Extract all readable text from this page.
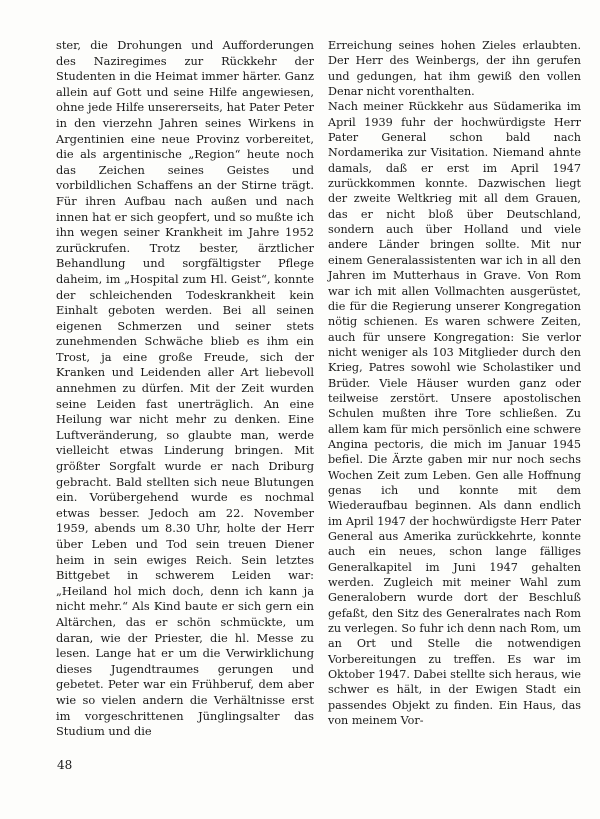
ster, die Drohungen und Aufforderungen des Naziregimes zur Rückkehr der Studenten in die Heimat immer härter. Ganz allein auf Gott und seine Hilfe angewiesen, ohne jede Hilfe unsererseits, hat Pater Peter in den vierzehn Jahren seines Wirkens in Argentinien eine neue Provinz vorbereitet, die als argentinische „Region“ heute noch das Zeichen seines Geistes und vorbildlichen Schaffens an der Stirne trägt. Für ihren Aufbau nach außen und nach innen hat er sich geopfert, und so mußte ich ihn wegen seiner Krankheit im Jahre 1952 zurückrufen. Trotz bester, ärztlicher Behandlung und sorgfältigster Pflege daheim, im „Hospital zum Hl. Geist“, konnte der schleichenden Todeskrankheit kein Einhalt geboten werden. Bei all seinen eigenen Schmerzen und seiner stets zunehmenden Schwäche blieb es ihm ein Trost, ja eine große Freude, sich der Kranken und Leidenden aller Art liebevoll annehmen zu dürfen. Mit der Zeit wurden seine Leiden fast unerträglich. An eine Heilung war nicht mehr zu denken. Eine Luftveränderung, so glaubte man, werde vielleicht etwas Linderung bringen. Mit größter Sorgfalt wurde er nach Driburg gebracht. Bald stellten sich neue Blutungen ein. Vorübergehend wurde es nochmal etwas besser. Jedoch am 22. November 1959, abends um 8.30 Uhr, holte der Herr über Leben und Tod sein treuen Diener heim in sein ewiges Reich. Sein letztes Bittgebet in schwerem Leiden war: „Heiland hol mich doch, denn ich kann ja nicht mehr.“ Als Kind baute er sich gern ein Altärchen, das er schön schmückte, um daran, wie der Priester, die hl. Messe zu lesen. Lange hat er um die Verwirklichung dieses Jugendtraumes gerungen und gebetet. Peter war ein Frühberuf, dem aber wie so vielen andern die Verhältnisse erst im vorgeschrittenen Jünglingsalter das Studium und die

Erreichung seines hohen Zieles erlaubten. Der Herr des Weinbergs, der ihn gerufen und gedungen, hat ihm gewiß den vollen Denar nicht vorenthalten.

Nach meiner Rückkehr aus Südamerika im April 1939 fuhr der hochwürdigste Herr Pater General schon bald nach Nordamerika zur Visitation. Niemand ahnte damals, daß er erst im April 1947 zurückkommen konnte. Dazwischen liegt der zweite Weltkrieg mit all dem Grauen, das er nicht bloß über Deutschland, sondern auch über Holland und viele andere Länder bringen sollte. Mit nur einem Generalassistenten war ich in all den Jahren im Mutterhaus in Grave. Von Rom war ich mit allen Vollmachten ausgerüstet, die für die Regierung unserer Kongregation nötig schienen. Es waren schwere Zeiten, auch für unsere Kongregation: Sie verlor nicht weniger als 103 Mitglieder durch den Krieg, Patres sowohl wie Scholastiker und Brüder. Viele Häuser wurden ganz oder teilweise zerstört. Unsere apostolischen Schulen mußten ihre Tore schließen. Zu allem kam für mich persönlich eine schwere Angina pectoris, die mich im Januar 1945 befiel. Die Ärzte gaben mir nur noch sechs Wochen Zeit zum Leben. Gen alle Hoffnung genas ich und konnte mit dem Wiederaufbau beginnen. Als dann endlich im April 1947 der hochwürdigste Herr Pater General aus Amerika zurückkehrte, konnte auch ein neues, schon lange fälliges Generalkapitel im Juni 1947 gehalten werden. Zugleich mit meiner Wahl zum Generalobern wurde dort der Beschluß gefaßt, den Sitz des Generalrates nach Rom zu verlegen. So fuhr ich denn nach Rom, um an Ort und Stelle die notwendigen Vorbereitungen zu treffen. Es war im Oktober 1947. Dabei stellte sich heraus, wie schwer es hält, in der Ewigen Stadt ein passendes Objekt zu finden. Ein Haus, das von meinem Vor-

48
